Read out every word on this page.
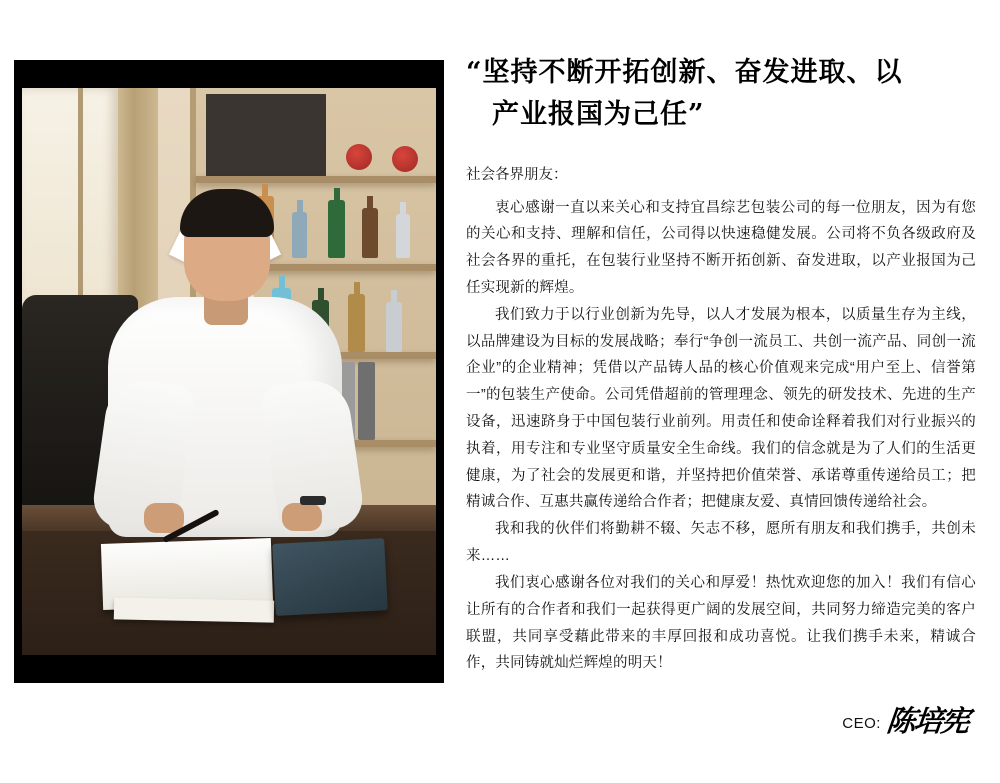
“坚持不断开拓创新、奋发进取、以
产业报国为己任”

社会各界朋友：

衷心感谢一直以来关心和支持宜昌综艺包装公司的每一位朋友，因为有您的关心和支持、理解和信任，公司得以快速稳健发展。公司将不负各级政府及社会各界的重托，在包装行业坚持不断开拓创新、奋发进取，以产业报国为己任实现新的辉煌。

我们致力于以行业创新为先导，以人才发展为根本，以质量生存为主线，以品牌建设为目标的发展战略；奉行“争创一流员工、共创一流产品、同创一流企业”的企业精神；凭借以产品铸人品的核心价值观来完成“用户至上、信誉第一”的包装生产使命。公司凭借超前的管理理念、领先的研发技术、先进的生产设备，迅速跻身于中国包装行业前列。用责任和使命诠释着我们对行业振兴的执着，用专注和专业坚守质量安全生命线。我们的信念就是为了人们的生活更健康，为了社会的发展更和谐，并坚持把价值荣誉、承诺尊重传递给员工；把精诚合作、互惠共赢传递给合作者；把健康友爱、真情回馈传递给社会。

我和我的伙伴们将勤耕不辍、矢志不移，愿所有朋友和我们携手，共创未来……

我们衷心感谢各位对我们的关心和厚爱！热忱欢迎您的加入！我们有信心让所有的合作者和我们一起获得更广阔的发展空间，共同努力缔造完美的客户联盟，共同享受藉此带来的丰厚回报和成功喜悦。让我们携手未来，精诚合作，共同铸就灿烂辉煌的明天！

CEO: 陈培宪
